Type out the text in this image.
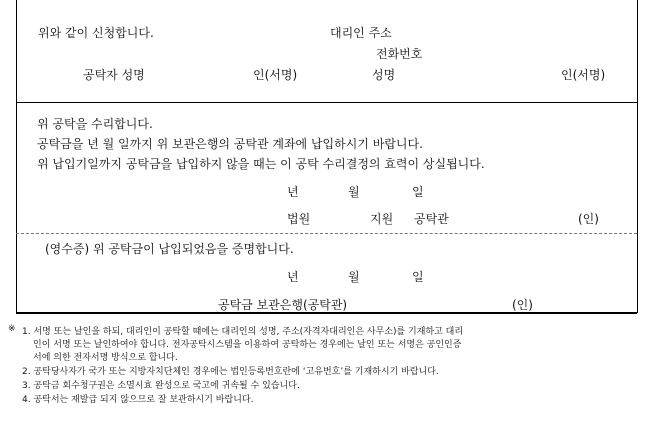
위와 같이 신청합니다.	대리인 주소
전화번호
공탁자 성명	인(서명)	성명	인(서명)
위 공탁을 수리합니다.
공탁금을 년 월 일까지 위 보관은행의 공탁관 계좌에 납입하시기 바랍니다.
위 납입기일까지 공탁금을 납입하지 않을 때는 이 공탁 수리결정의 효력이 상실됩니다.
년	월	일
법원	지원 공탁관	(인)
(영수증) 위 공탁금이 납입되었음을 증명합니다.
년	월	일
공탁금 보관은행(공탁관)	(인)
※ 1. 서명 또는 날인을 하되, 대리인이 공탁할 때에는 대리인의 성명, 주소(자격자대리인은 사무소)를 기재하고 대리
인이 서명 또는 날인하여야 합니다. 전자공탁시스템을 이용하여 공탁하는 경우에는 날인 또는 서명은 공인인증
서에 의한 전자서명 방식으로 합니다.
2. 공탁당사자가 국가 또는 지방자치단체인 경우에는 법인등록번호란에 ‘고유번호’를 기재하시기 바랍니다.
3. 공탁금 회수청구권은 소멸시효 완성으로 국고에 귀속될 수 있습니다.
4. 공탁서는 재발급 되지 않으므로 잘 보관하시기 바랍니다.
